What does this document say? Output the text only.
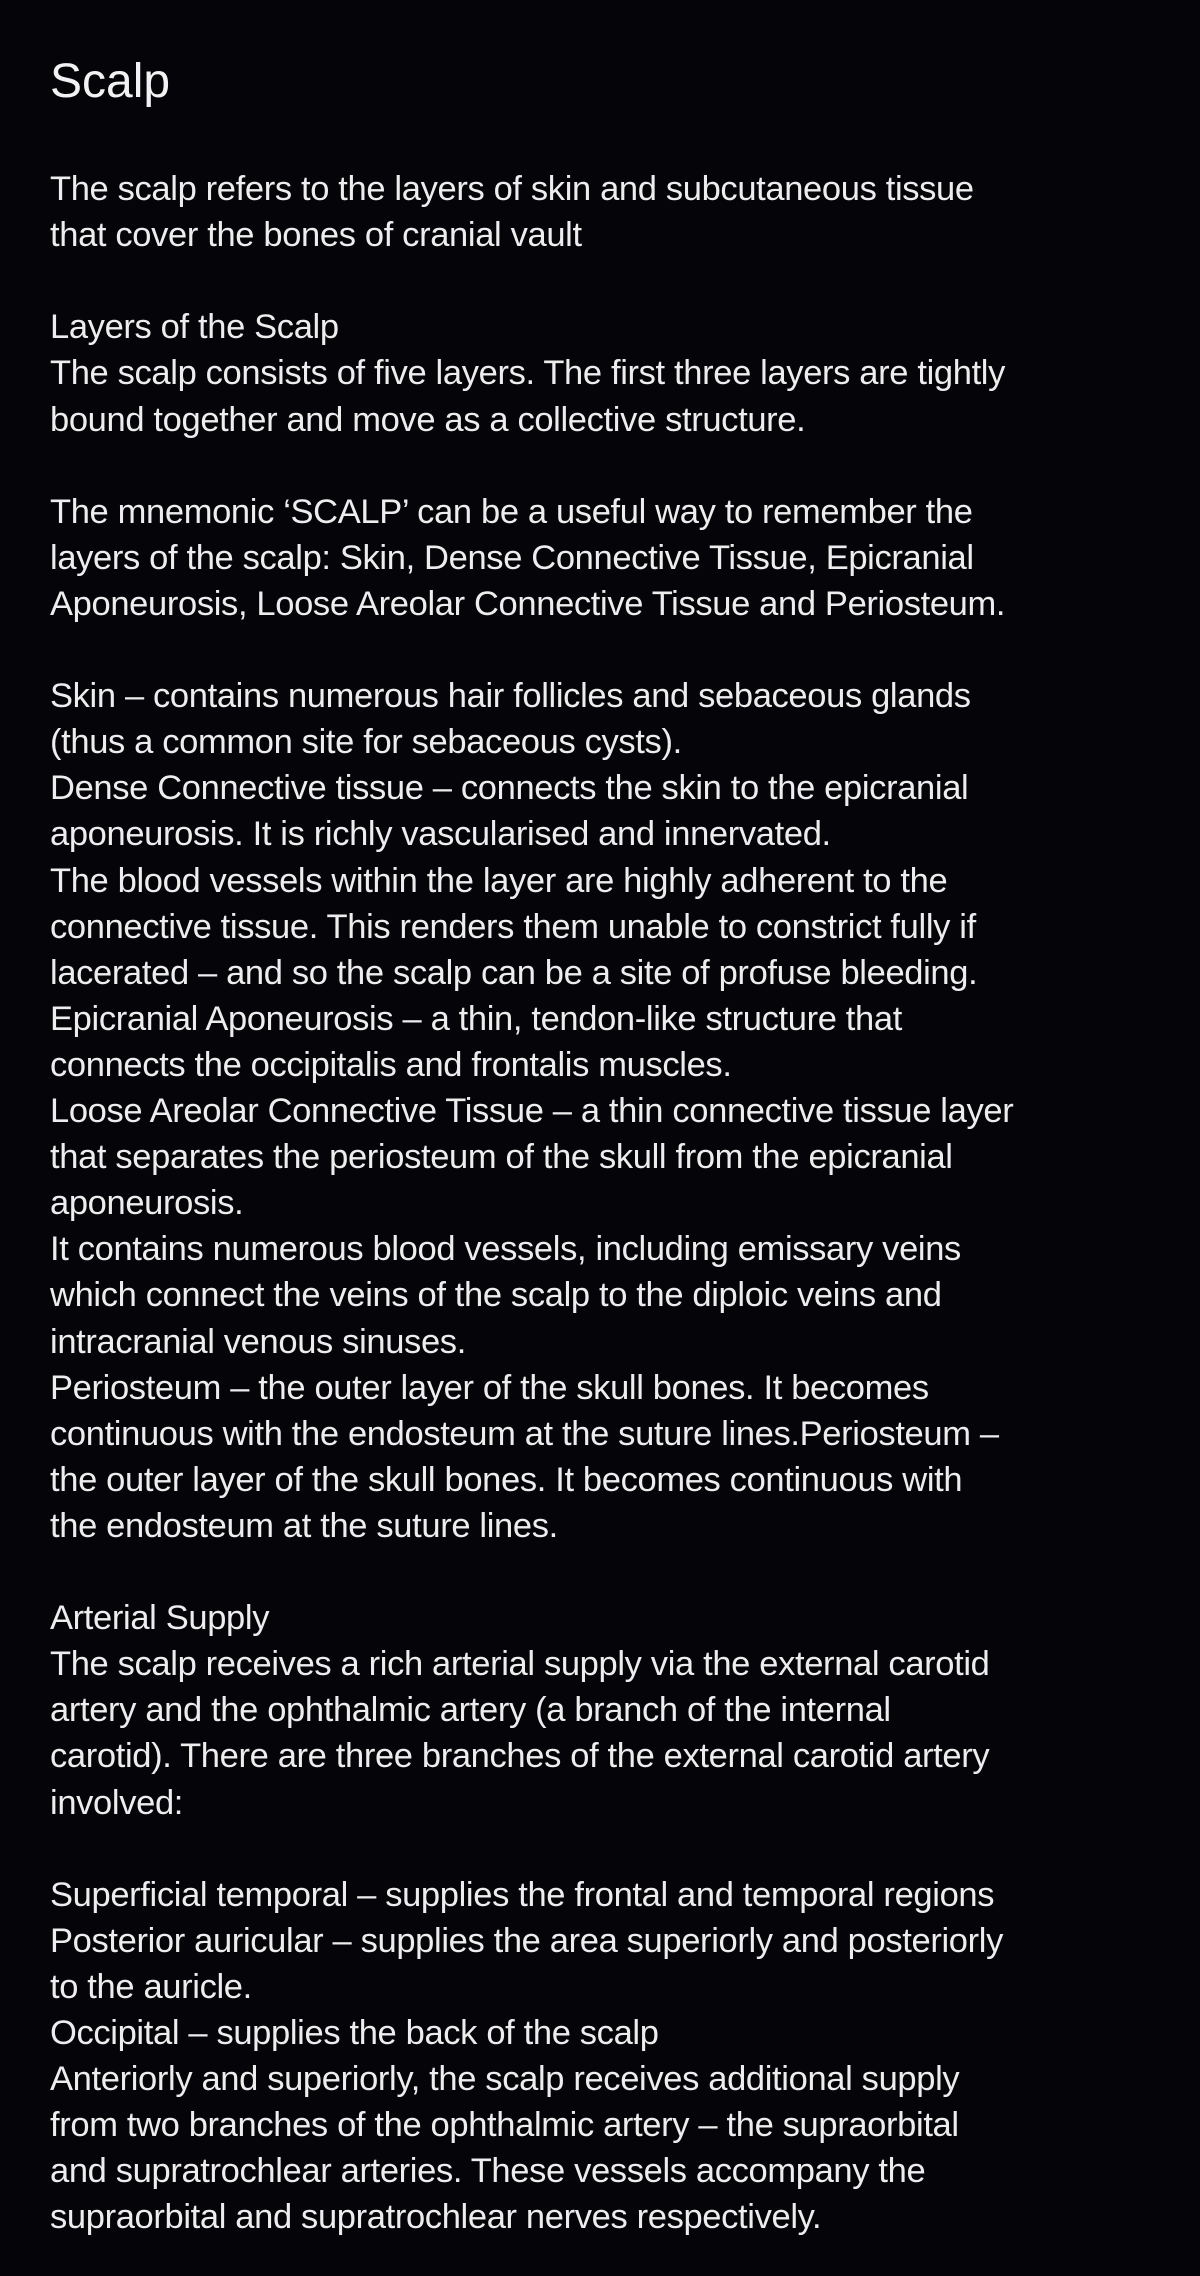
Scalp
The scalp refers to the layers of skin and subcutaneous tissue
that cover the bones of cranial vault
Layers of the Scalp
The scalp consists of five layers. The first three layers are tightly
bound together and move as a collective structure.
The mnemonic ‘SCALP’ can be a useful way to remember the
layers of the scalp: Skin, Dense Connective Tissue, Epicranial
Aponeurosis, Loose Areolar Connective Tissue and Periosteum.
Skin – contains numerous hair follicles and sebaceous glands
(thus a common site for sebaceous cysts).
Dense Connective tissue – connects the skin to the epicranial
aponeurosis. It is richly vascularised and innervated.
The blood vessels within the layer are highly adherent to the
connective tissue. This renders them unable to constrict fully if
lacerated – and so the scalp can be a site of profuse bleeding.
Epicranial Aponeurosis – a thin, tendon-like structure that
connects the occipitalis and frontalis muscles.
Loose Areolar Connective Tissue – a thin connective tissue layer
that separates the periosteum of the skull from the epicranial
aponeurosis.
It contains numerous blood vessels, including emissary veins
which connect the veins of the scalp to the diploic veins and
intracranial venous sinuses.
Periosteum – the outer layer of the skull bones. It becomes
continuous with the endosteum at the suture lines.Periosteum –
the outer layer of the skull bones. It becomes continuous with
the endosteum at the suture lines.
Arterial Supply
The scalp receives a rich arterial supply via the external carotid
artery and the ophthalmic artery (a branch of the internal
carotid). There are three branches of the external carotid artery
involved:
Superficial temporal – supplies the frontal and temporal regions
Posterior auricular – supplies the area superiorly and posteriorly
to the auricle.
Occipital – supplies the back of the scalp
Anteriorly and superiorly, the scalp receives additional supply
from two branches of the ophthalmic artery – the supraorbital
and supratrochlear arteries. These vessels accompany the
supraorbital and supratrochlear nerves respectively.
